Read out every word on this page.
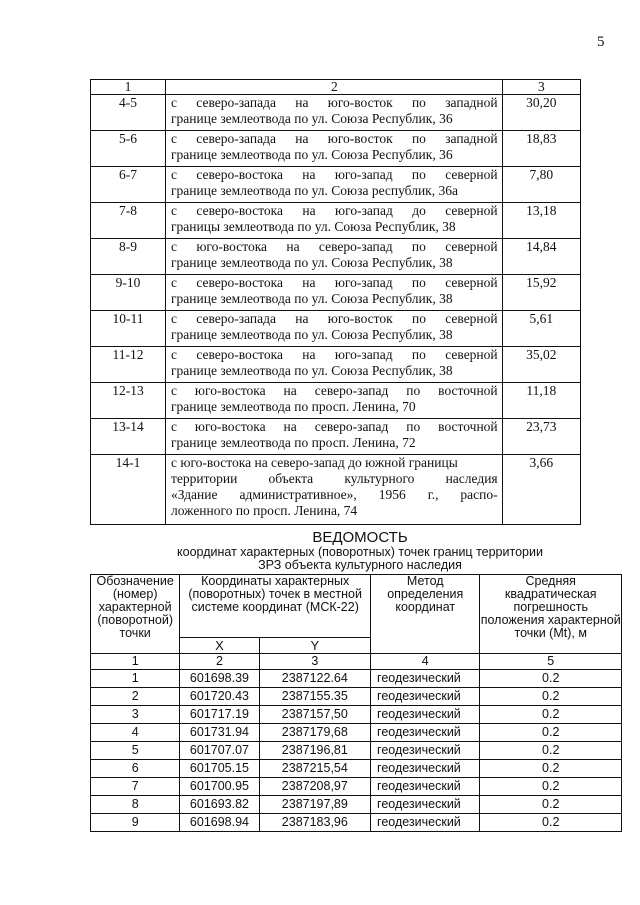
5
1	2	3
4-5	с северо-запада на юго-восток по западной
границе землеотвода по ул. Союза Республик, 36	30,20
5-6	с северо-запада на юго-восток по западной
границе землеотвода по ул. Союза Республик, 36	18,83
6-7	с северо-востока на юго-запад по северной
границе землеотвода по ул. Союза республик, 36а	7,80
7-8	с северо-востока на юго-запад до северной
границы землеотвода по ул. Союза Республик, 38	13,18
8-9	с юго-востока на северо-запад по северной
границе землеотвода по ул. Союза Республик, 38	14,84
9-10	с северо-востока на юго-запад по северной
границе землеотвода по ул. Союза Республик, 38	15,92
10-11	с северо-запада на юго-восток по северной
границе землеотвода по ул. Союза Республик, 38	5,61
11-12	с северо-востока на юго-запад по северной
границе землеотвода по ул. Союза Республик, 38	35,02
12-13	с юго-востока на северо-запад по восточной
границе землеотвода по просп. Ленина, 70	11,18
13-14	с юго-востока на северо-запад по восточной
границе землеотвода по просп. Ленина, 72	23,73
14-1	с юго-востока на северо-запад до южной границы
территории объекта культурного наследия
«Здание административное», 1956 г., распо-
ложенного по просп. Ленина, 74	3,66
ВЕДОМОСТЬ
координат характерных (поворотных) точек границ территории
ЗРЗ объекта культурного наследия
Обозначение (номер) характерной (поворотной) точки	Координаты характерных (поворотных) точек в местной системе координат (МСК-22)		Метод определения координат	Средняя квадратическая погрешность положения характерной точки (Mt), м
	X	Y		
1	2	3	4	5
1	601698.39	2387122.64	геодезический	0.2
2	601720.43	2387155.35	геодезический	0.2
3	601717.19	2387157,50	геодезический	0.2
4	601731.94	2387179,68	геодезический	0.2
5	601707.07	2387196,81	геодезический	0.2
6	601705.15	2387215,54	геодезический	0.2
7	601700.95	2387208,97	геодезический	0.2
8	601693.82	2387197,89	геодезический	0.2
9	601698.94	2387183,96	геодезический	0.2
